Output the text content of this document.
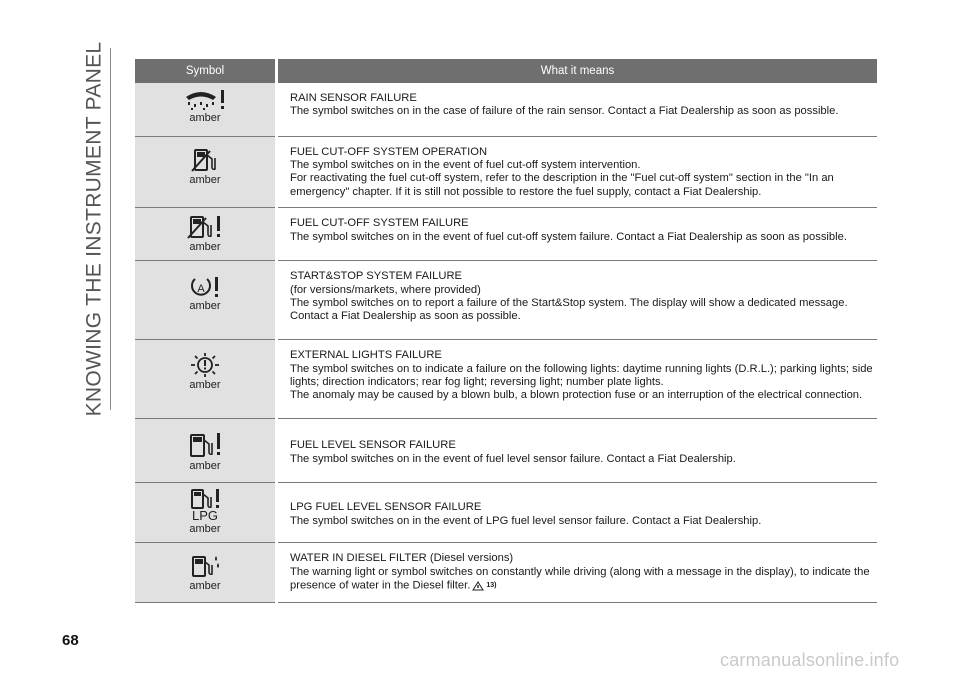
KNOWING THE INSTRUMENT PANEL
68
carmanualsonline.info
Symbol	What it means

amber	RAIN SENSOR FAILURE
The symbol switches on in the case of failure of the rain sensor. Contact a Fiat Dealership as soon as possible.

amber	FUEL CUT-OFF SYSTEM OPERATION
The symbol switches on in the event of fuel cut-off system intervention.
For reactivating the fuel cut-off system, refer to the description in the "Fuel cut-off system" section in the "In an emergency" chapter. If it is still not possible to restore the fuel supply, contact a Fiat Dealership.

amber	FUEL CUT-OFF SYSTEM FAILURE
The symbol switches on in the event of fuel cut-off system failure. Contact a Fiat Dealership as soon as possible.

A
amber	START&STOP SYSTEM FAILURE
(for versions/markets, where provided)
The symbol switches on to report a failure of the Start&Stop system. The display will show a dedicated message. Contact a Fiat Dealership as soon as possible.

amber	EXTERNAL LIGHTS FAILURE
The symbol switches on to indicate a failure on the following lights: daytime running lights (D.R.L.); parking lights; side lights; direction indicators; rear fog light; reversing light; number plate lights.
The anomaly may be caused by a blown bulb, a blown protection fuse or an interruption of the electrical connection.

amber	FUEL LEVEL SENSOR FAILURE
The symbol switches on in the event of fuel level sensor failure. Contact a Fiat Dealership.

LPG
amber	LPG FUEL LEVEL SENSOR FAILURE
The symbol switches on in the event of LPG fuel level sensor failure. Contact a Fiat Dealership.

amber	WATER IN DIESEL FILTER (Diesel versions)
The warning light or symbol switches on constantly while driving (along with a message in the display), to indicate the presence of water in the Diesel filter. 13)
